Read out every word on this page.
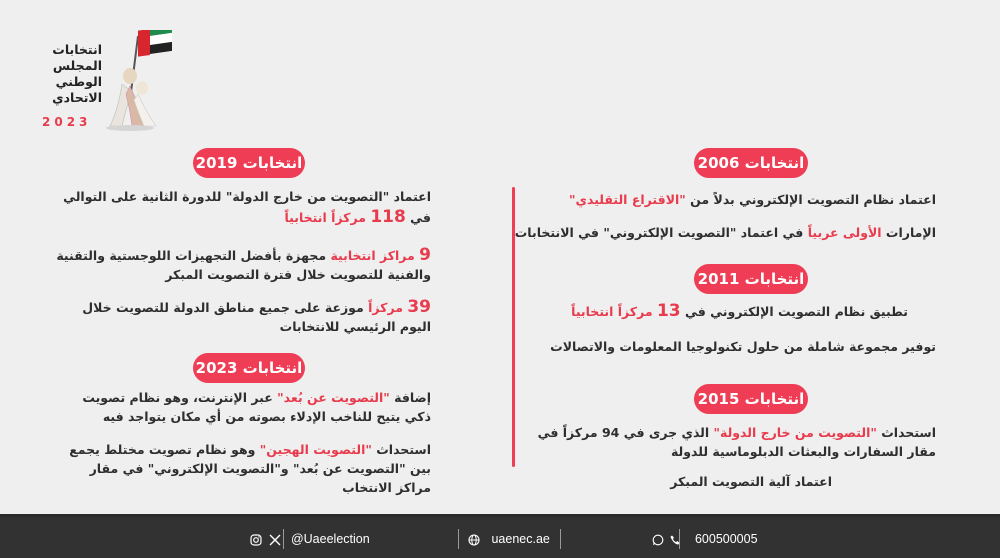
انتخابات
المجلس
الوطني
الاتحادي
2023
انتخابات 2019
اعتماد "التصويت من خارج الدولة" للدورة الثانية على التوالي
في 118 مركزاً انتخابياً
9 مراكز انتخابية مجهزة بأفضل التجهيزات اللوجستية والتقنية
والفنية للتصويت خلال فترة التصويت المبكر
39 مركزاً موزعة على جميع مناطق الدولة للتصويت خلال
اليوم الرئيسي للانتخابات
انتخابات 2023
إضافة "التصويت عن بُعد" عبر الإنترنت، وهو نظام تصويت
ذكي يتيح للناخب الإدلاء بصوته من أي مكان يتواجد فيه
استحداث "التصويت الهجين" وهو نظام تصويت مختلط يجمع
بين "التصويت عن بُعد" و"التصويت الإلكتروني" في مقار
مراكز الانتخاب
انتخابات 2006
اعتماد نظام التصويت الإلكتروني بدلاً من "الاقتراع التقليدي"
الإمارات الأولى عربياً في اعتماد "التصويت الإلكتروني" في الانتخابات
انتخابات 2011
تطبيق نظام التصويت الإلكتروني في 13 مركزاً انتخابياً
توفير مجموعة شاملة من حلول تكنولوجيا المعلومات والاتصالات
انتخابات 2015
استحداث "التصويت من خارج الدولة" الذي جرى في 94 مركزاً في
مقار السفارات والبعثات الدبلوماسية للدولة
اعتماد آلية التصويت المبكر
@Uaeelection	uaenec.ae	600500005
